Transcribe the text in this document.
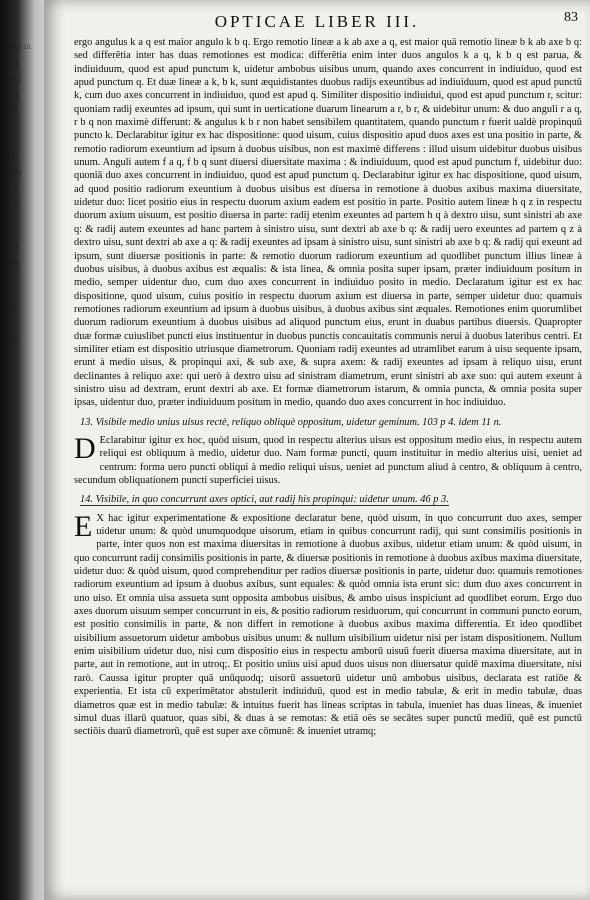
abelo in
a b k
r s r l
a k k
b ab
f f b
a b m
a a r
r b c
ter o
s ma
t in
ple
ed in
pe
OPTICAE LIBER III.	83

ergo angulus k a q est maior angulo k b q. Ergo remotio lineæ a k ab axe a q, est maior quā remotio lineæ b k ab axe b q: sed differētia inter has duas remotiones est modica: differētia enim inter duos angulos k a q, k b q est parua, & indiuiduum, quod est apud punctum k, uidetur ambobus uisibus unum, quando axes concurrent in indiuiduo, quod est apud punctum q. Et duæ lineæ a k, b k, sunt æquidistantes duobus radijs exeuntibus ad indiuiduum, quod est apud punctū k, cum duo axes concurrent in indiuiduo, quod est apud q. Similiter dispositio indiuidui, quod est apud punctum r, scitur: quoniam radij exeuntes ad ipsum, qui sunt in uerticatione duarum linearum a r, b r, & uidebitur unum: & duo anguli r a q, r b q non maximè differunt: & angulus k b r non habet sensibilem quantitatem, quando punctum r fuerit ualdè propinquū puncto k. Declarabitur igitur ex hac dispositione: quod uisum, cuius dispositio apud duos axes est una positio in parte, & remotio radiorum exeuntium ad ipsum à duobus uisibus, non est maximè differens : illud uisum uidebitur duobus uisibus unum. Anguli autem f a q, f b q sunt diuersi diuersitate maxima : & indiuiduum, quod est apud punctum f, uidebitur duo: quoniā duo axes concurrent in indiuiduo, quod est apud punctum q. Declarabitur igitur ex hac dispositione, quod uisum, ad quod positio radiorum exeuntium à duobus uisibus est diuersa in remotione à duobus axibus maxima diuersitate, uidetur duo: licet positio eius in respectu duorum axium eadem est positio in parte. Positio autem lineæ h q z in respectu duorum axium uisuum, est positio diuersa in parte: radij etenim exeuntes ad partem h q à dextro uisu, sunt sinistri ab axe q: & radij autem exeuntes ad hanc partem à sinistro uisu, sunt dextri ab axe b q: & radij uero exeuntes ad partem q z à dextro uisu, sunt dextri ab axe a q: & radij exeuntes ad ipsam à sinistro uisu, sunt sinistri ab axe b q: & radij qui exeunt ad ipsum, sunt diuersæ positionis in parte: & remotio duorum radiorum exeuntium ad quodlibet punctum illius lineæ à duobus uisibus, à duobus axibus est æqualis: & ista linea, & omnia posita super ipsam, præter indiuiduum positum in medio, semper uidentur duo, cum duo axes concurrent in indiuiduo posito in medio. Declaratum igitur est ex hac dispositione, quod uisum, cuius positio in respectu duorum axium est diuersa in parte, semper uidetur duo: quamuis remotiones radiorum exeuntium ad ipsum à duobus uisibus, à duobus axibus sint æquales. Remotiones enim quorumlibet duorum radiorum exeuntium à duobus uisibus ad aliquod punctum eius, erunt in duabus partibus diuersis. Quapropter duæ formæ cuiuslibet puncti eius instituentur in duobus punctis concauitatis communis nerui à duobus lateribus centri. Et similiter etiam est dispositio utriusque diametrorum. Quoniam radij exeuntes ad utramlibet earum à uisu sequente ipsam, erunt à medio uisus, & propinqui axi, & sub axe, & supra axem: & radij exeuntes ad ipsam à reliquo uisu, erunt declinantes à reliquo axe: qui uerò à dextro uisu ad sinistram diametrum, erunt sinistri ab axe suo: qui autem exeunt à sinistro uisu ad dextram, erunt dextri ab axe. Et formæ diametrorum istarum, & omnia puncta, & omnia posita super ipsas, uidentur duo, præter indiuiduum positum in medio, quando duo axes concurrent in hoc indiuiduo.

13. Visibile medio unius uisus rectè, reliquo obliquè oppositum, uidetur geminum. 103 p 4. idem 11 n.

D Eclarabitur igitur ex hoc, quòd uisum, quod in respectu alterius uisus est oppositum medio eius, in respectu autem reliqui est obliquum à medio, uidetur duo. Nam formæ puncti, quum instituitur in medio alterius uisi, ueniet ad centrum: forma uero puncti obliqui à medio reliqui uisus, ueniet ad punctum aliud à centro, & obliquum à centro, secundum obliquationem puncti superficiei uisus.

14. Visibile, in quo concurrunt axes optici, aut radij his propinqui: uidetur unum. 46 p 3.

E X hac igitur experimentatione & expositione declaratur bene, quòd uisum, in quo concurrunt duo axes, semper uidetur unum: & quòd unumquodque uisorum, etiam in quibus concurrunt radij, qui sunt consimilis positionis in parte, inter quos non est maxima diuersitas in remotione à duobus axibus, uidetur etiam unum: & quòd uisum, in quo concurrunt radij consimilis positionis in parte, & diuersæ positionis in remotione à duobus axibus maxima diuersitate, uidetur duo: & quòd uisum, quod comprehenditur per radios diuersæ positionis in parte, uidetur duo: quamuis remotiones radiorum exeuntium ad ipsum à duobus axibus, sunt equales: & quòd omnia ista erunt sic: dum duo axes concurrent in uno uiso. Et omnia uisa assueta sunt opposita ambobus uisibus, & ambo uisus inspiciunt ad quodlibet eorum. Ergo duo axes duorum uisuum semper concurrunt in eis, & positio radiorum residuorum, qui concurrunt in communi puncto eorum, est positio consimilis in parte, & non differt in remotione à duobus axibus maxima differentia. Et ideo quodlibet uisibilium assuetorum uidetur ambobus uisibus unum: & nullum uisibilium uidetur nisi per istam dispositionem. Nullum enim uisibilium uidetur duo, nisi cum dispositio eius in respectu amborū uisuū fuerit diuersa maxima diuersitate, aut in parte, aut in remotione, aut in utroq;. Et positio unius uisi apud duos uisus non diuersatur quidē maxima diuersitate, nisi rarò. Caussa igitur propter quā unūquodq; uisorū assuetorū uidetur unū ambobus uisibus, declarata est ratiōe & experientia. Et ista cū experimētator abstulerit indiuiduū, quod est in medio tabulæ, & erit in medio tabulæ, duas diametros quæ est in medio tabulæ: & intuitus fuerit has lineas scriptas in tabula, inueniet has duas lineas, & inueniet simul duas illarū quatuor, quas sibi, & duas à se remotas: & etiā oës se secātes super punctū mediū, quē est punctū sectiōis duarū diametrorū, quē est super axe cōmunē: & inueniet utramq;
